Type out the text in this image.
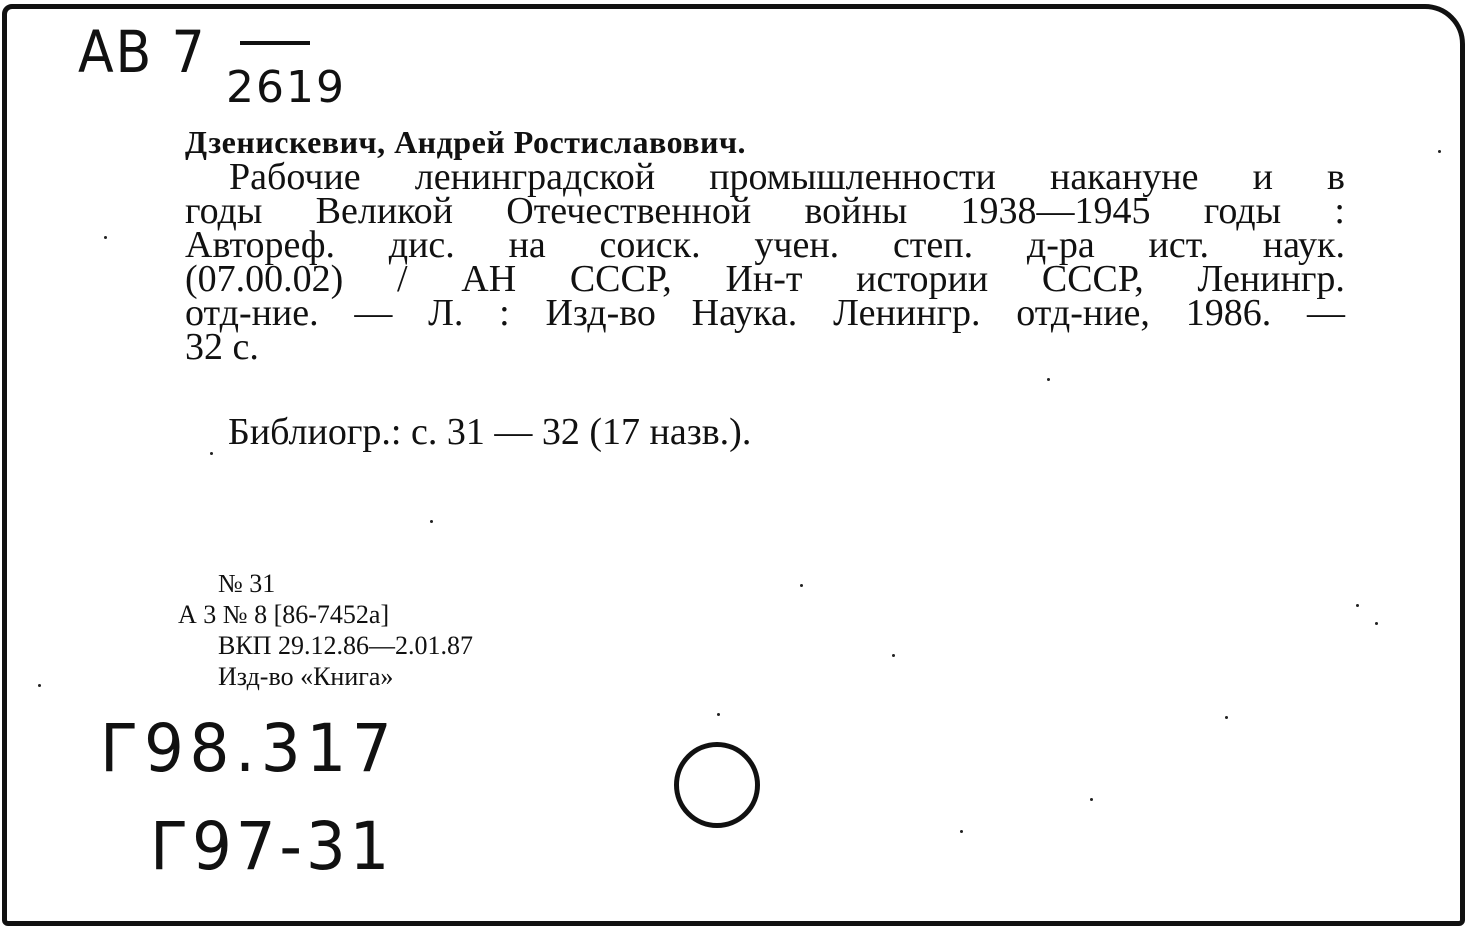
АВ 7
2619
Дзенискевич, Андрей Ростиславович.
Рабочие ленинградской промышленности накануне и в
годы Великой Отечественной войны 1938—1945 годы :
Автореф. дис. на соиск. учен. степ. д-ра ист. наук.
(07.00.02) / АН СССР, Ин-т истории СССР, Ленингр.
отд-ние. — Л. : Изд-во Наука. Ленингр. отд-ние, 1986. —
32 с.
Библиогр.: с. 31 — 32 (17 назв.).
№ 31
А 3 № 8 [86-7452а]
ВКП 29.12.86—2.01.87
Изд-во «Книга»
Г98.317
Г97-31
